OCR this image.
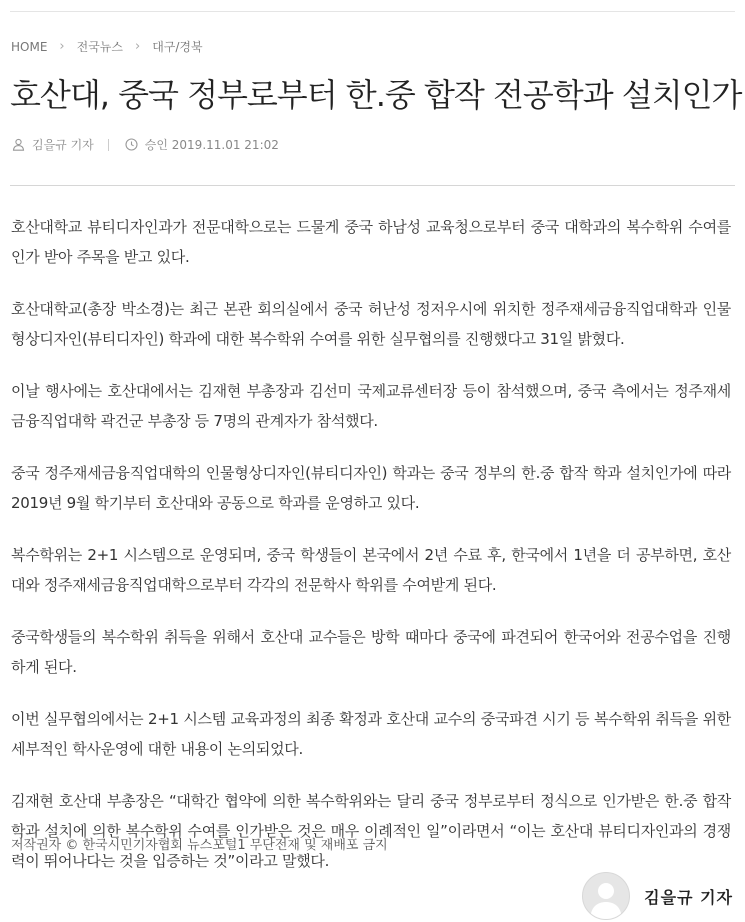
HOME › 전국뉴스 › 대구/경북
호산대, 중국 정부로부터 한.중 합작 전공학과 설치인가
김을규 기자	승인 2019.11.01 21:02

호산대학교 뷰티디자인과가 전문대학으로는 드물게 중국 하남성 교육청으로부터 중국 대학과의 복수학위 수여를 인가 받아 주목을 받고 있다.

호산대학교(총장 박소경)는 최근 본관 회의실에서 중국 허난성 정저우시에 위치한 정주재세금융직업대학과 인물형상디자인(뷰티디자인) 학과에 대한 복수학위 수여를 위한 실무협의를 진행했다고 31일 밝혔다.

이날 행사에는 호산대에서는 김재현 부총장과 김선미 국제교류센터장 등이 참석했으며, 중국 측에서는 정주재세금융직업대학 곽건군 부총장 등 7명의 관계자가 참석했다.

중국 정주재세금융직업대학의 인물형상디자인(뷰티디자인) 학과는 중국 정부의 한.중 합작 학과 설치인가에 따라 2019년 9월 학기부터 호산대와 공동으로 학과를 운영하고 있다.

복수학위는 2+1 시스템으로 운영되며, 중국 학생들이 본국에서 2년 수료 후, 한국에서 1년을 더 공부하면, 호산대와 정주재세금융직업대학으로부터 각각의 전문학사 학위를 수여받게 된다.

중국학생들의 복수학위 취득을 위해서 호산대 교수들은 방학 때마다 중국에 파견되어 한국어와 전공수업을 진행하게 된다.

이번 실무협의에서는 2+1 시스템 교육과정의 최종 확정과 호산대 교수의 중국파견 시기 등 복수학위 취득을 위한 세부적인 학사운영에 대한 내용이 논의되었다.

김재현 호산대 부총장은 “대학간 협약에 의한 복수학위와는 달리 중국 정부로부터 정식으로 인가받은 한.중 합작 학과 설치에 의한 복수학위 수여를 인가받은 것은 매우 이례적인 일”이라면서 “이는 호산대 뷰티디자인과의 경쟁력이 뛰어나다는 것을 입증하는 것”이라고 말했다.

저작권자 © 한국시민기자협회 뉴스포털1 무단전재 및 재배포 금지
김을규 기자
